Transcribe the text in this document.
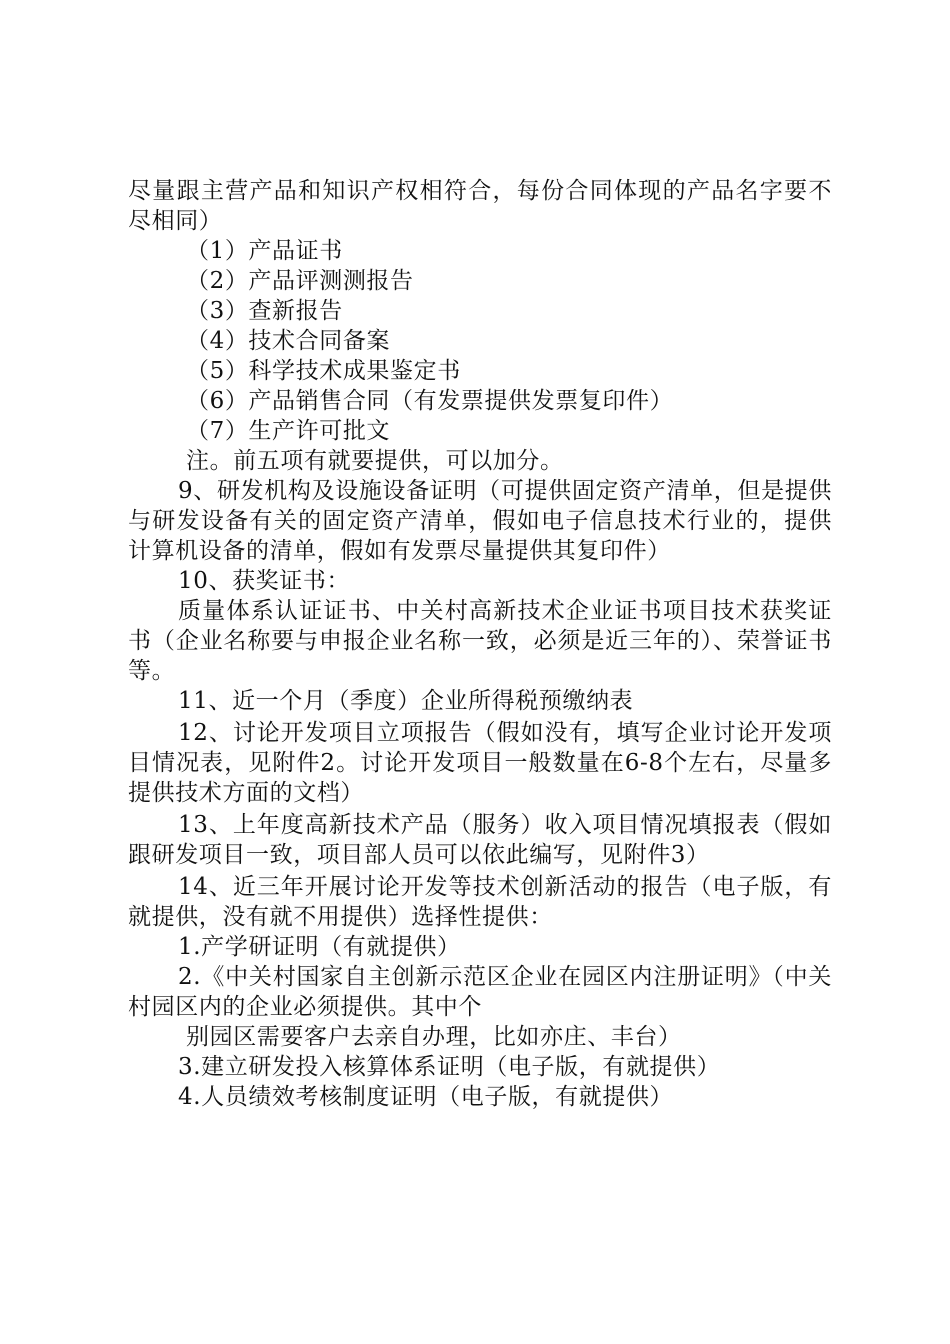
尽量跟主营产品和知识产权相符合，每份合同体现的产品名字要不尽相同）

（1）产品证书

（2）产品评测测报告

（3）查新报告

（4）技术合同备案

（5）科学技术成果鉴定书

（6）产品销售合同（有发票提供发票复印件）

（7）生产许可批文

注。前五项有就要提供，可以加分。

9、研发机构及设施设备证明（可提供固定资产清单，但是提供与研发设备有关的固定资产清单，假如电子信息技术行业的，提供计算机设备的清单，假如有发票尽量提供其复印件）

10、获奖证书：

质量体系认证证书、中关村高新技术企业证书项目技术获奖证书（企业名称要与申报企业名称一致，必须是近三年的）、荣誉证书等。

11、近一个月（季度）企业所得税预缴纳表

12、讨论开发项目立项报告（假如没有，填写企业讨论开发项目情况表，见附件2。讨论开发项目一般数量在6-8个左右，尽量多提供技术方面的文档）

13、上年度高新技术产品（服务）收入项目情况填报表（假如跟研发项目一致，项目部人员可以依此编写，见附件3）

14、近三年开展讨论开发等技术创新活动的报告（电子版，有就提供，没有就不用提供）选择性提供：

1.产学研证明（有就提供）

2.《中关村国家自主创新示范区企业在园区内注册证明》（中关村园区内的企业必须提供。其中个

别园区需要客户去亲自办理，比如亦庄、丰台）

3.建立研发投入核算体系证明（电子版，有就提供）

4.人员绩效考核制度证明（电子版，有就提供）
